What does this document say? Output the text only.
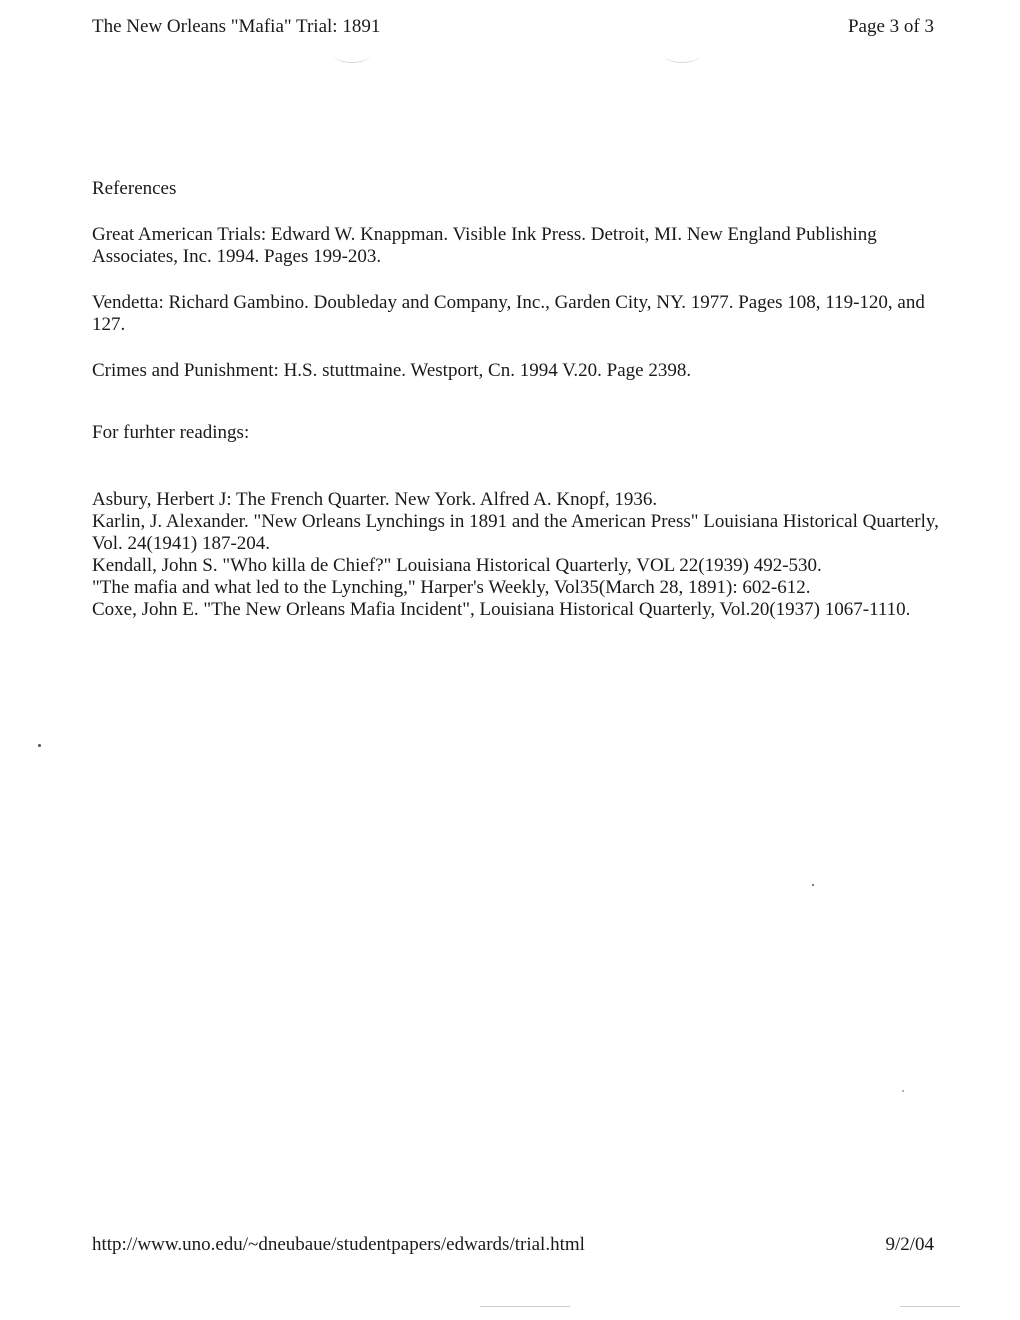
The New Orleans "Mafia" Trial: 1891	Page 3 of 3
References
Great American Trials: Edward W. Knappman. Visible Ink Press. Detroit, MI. New England Publishing Associates, Inc. 1994. Pages 199-203.
Vendetta: Richard Gambino. Doubleday and Company, Inc., Garden City, NY. 1977. Pages 108, 119-120, and 127.
Crimes and Punishment: H.S. stuttmaine. Westport, Cn. 1994 V.20. Page 2398.
For furhter readings:
Asbury, Herbert J: The French Quarter. New York. Alfred A. Knopf, 1936.
Karlin, J. Alexander. "New Orleans Lynchings in 1891 and the American Press" Louisiana Historical Quarterly, Vol. 24(1941) 187-204.
Kendall, John S. "Who killa de Chief?" Louisiana Historical Quarterly, VOL 22(1939) 492-530.
"The mafia and what led to the Lynching," Harper's Weekly, Vol35(March 28, 1891): 602-612.
Coxe, John E. "The New Orleans Mafia Incident", Louisiana Historical Quarterly, Vol.20(1937) 1067-1110.
http://www.uno.edu/~dneubaue/studentpapers/edwards/trial.html	9/2/04
